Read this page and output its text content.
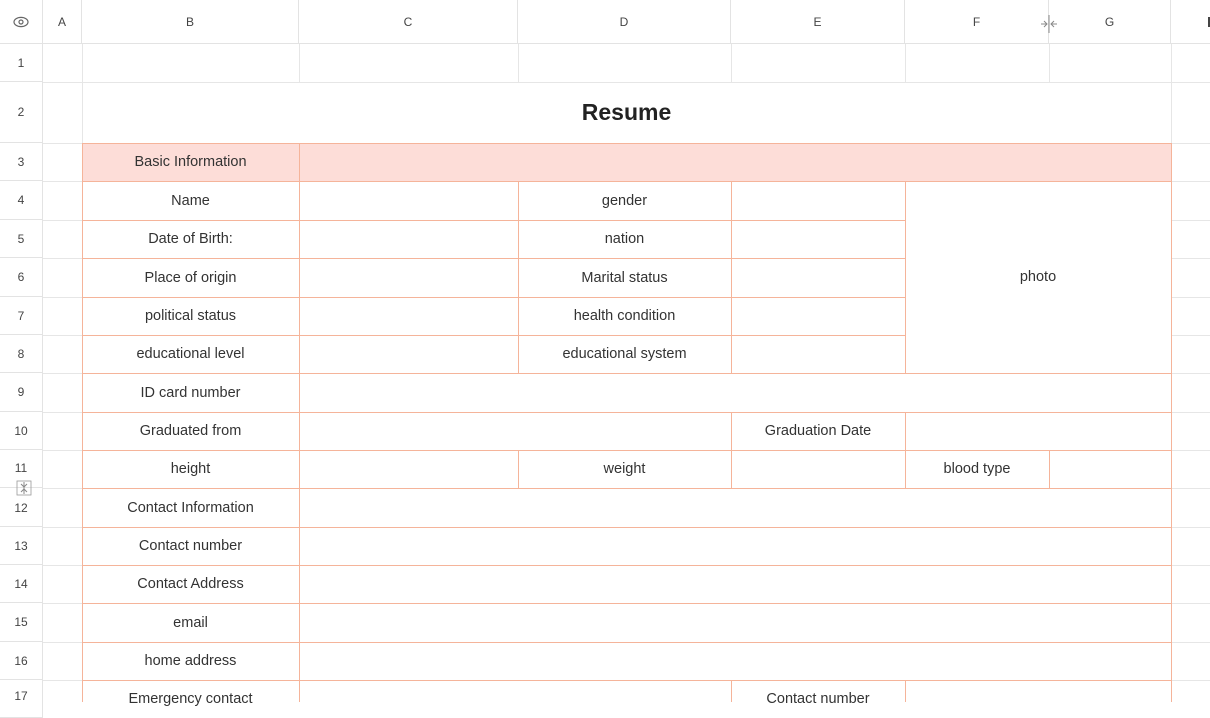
A	B	C	D	E	F	G
1
2
3
4
5
6
7
8
9
10
11
12
13
14
15
16
17
Resume
Basic Information
Name	gender
photo
Date of Birth:	nation
Place of origin	Marital status
political status	health condition
educational level	educational system
ID card number
Graduated from	Graduation Date
height	weight	blood type
Contact Information
Contact number
Contact Address
email
home address
Emergency contact	Contact number
